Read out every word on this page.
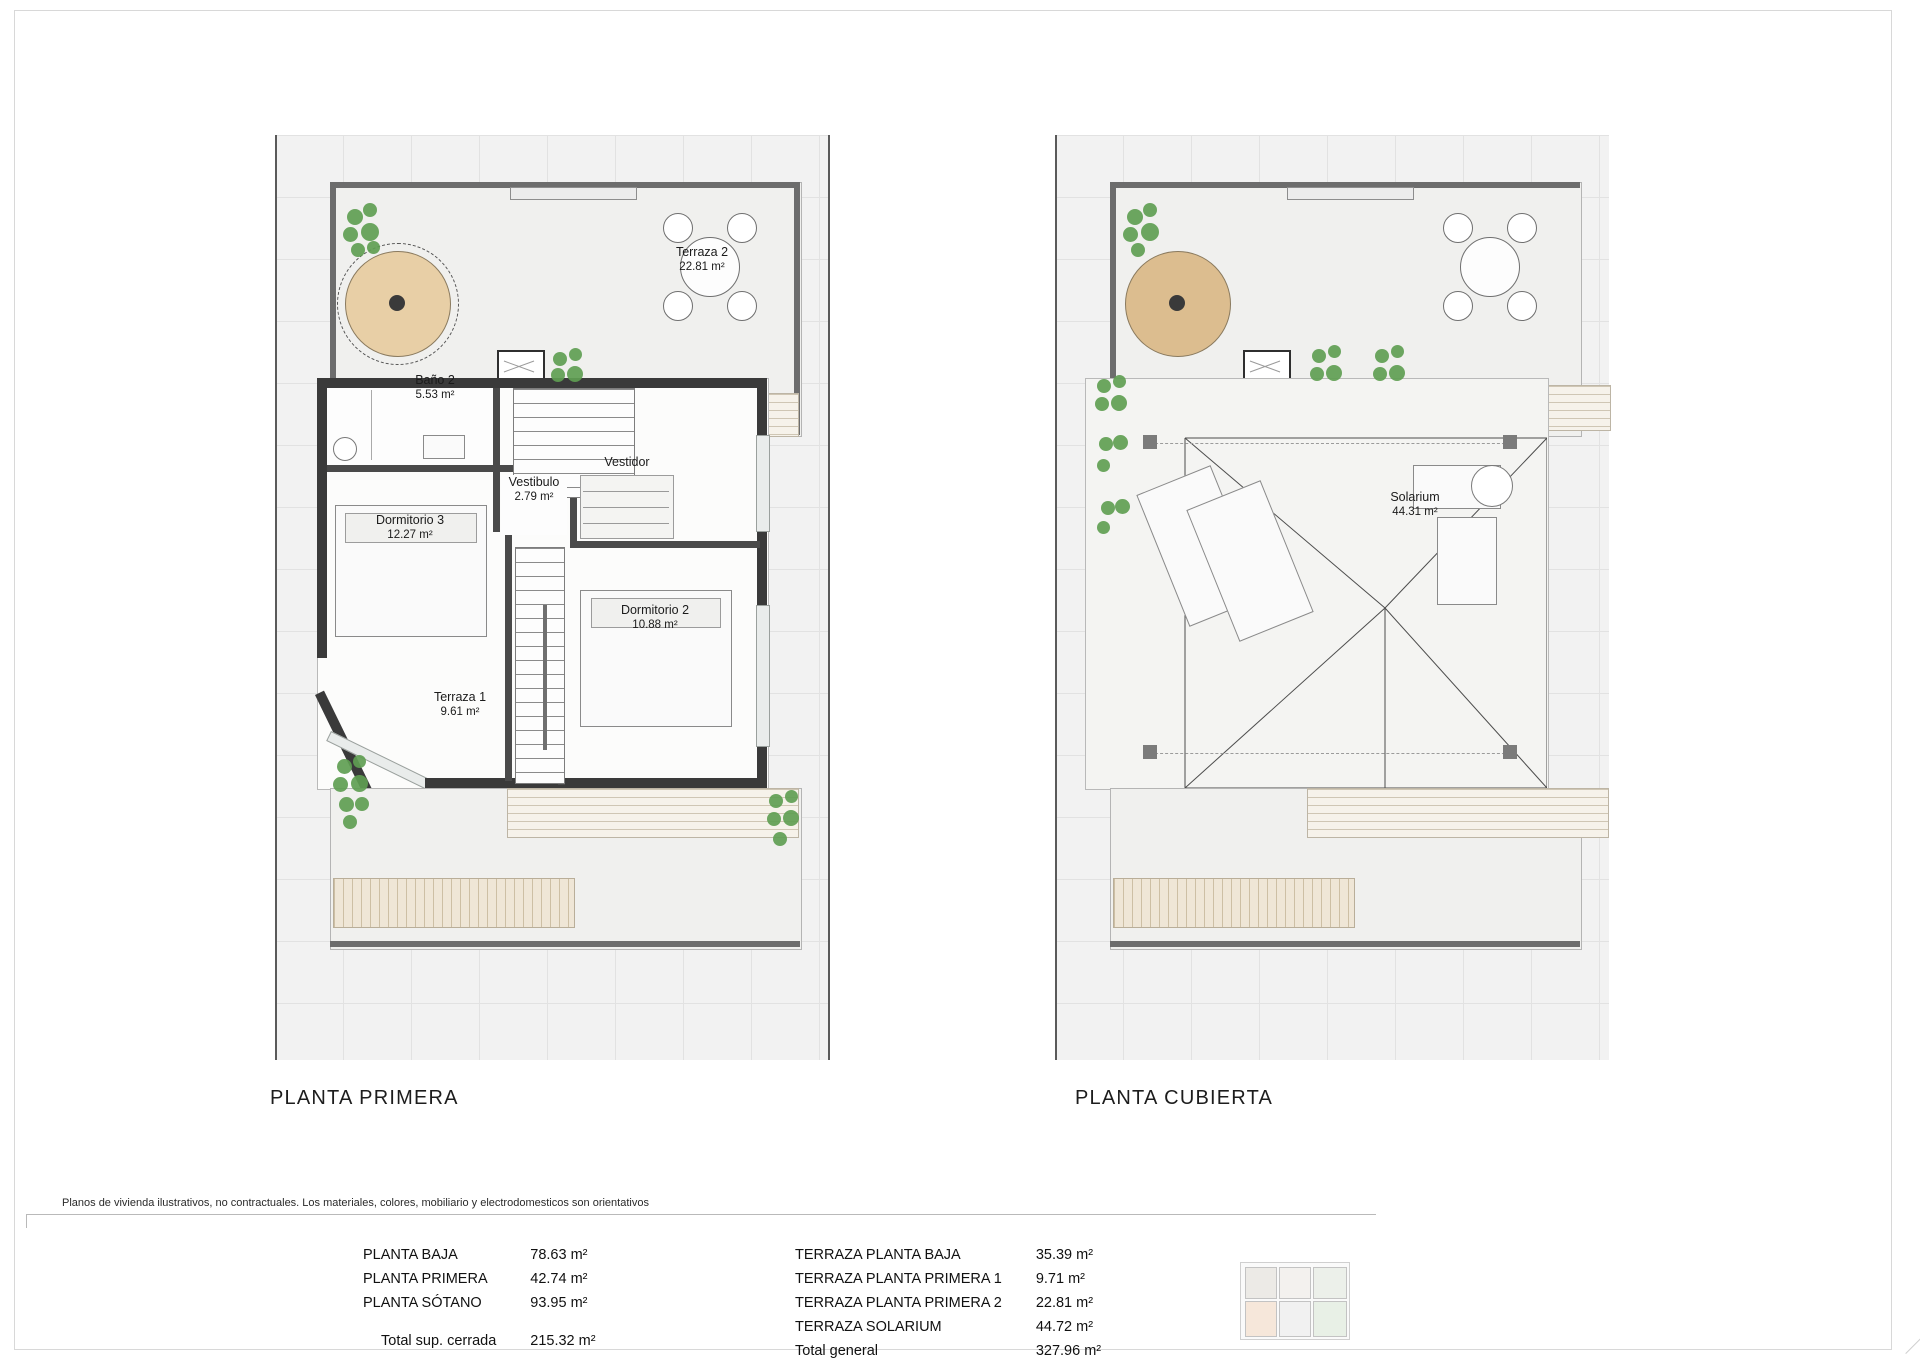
Terraza 2
22.81 m²
Baño 2
5.53 m²
Vestidor
Vestibulo
2.79 m²
Dormitorio 3
12.27 m²
Dormitorio 2
10.88 m²
Terraza 1
9.61 m²
PLANTA PRIMERA
Solarium
44.31 m²
PLANTA CUBIERTA
Planos de vivienda ilustrativos, no contractuales. Los materiales, colores, mobiliario y electrodomesticos son orientativos
PLANTA BAJA	78.63 m²
PLANTA PRIMERA	42.74 m²
PLANTA SÓTANO	93.95 m²
Total sup. cerrada	215.32 m²
TERRAZA PLANTA BAJA	35.39 m²
TERRAZA PLANTA PRIMERA 1	9.71 m²
TERRAZA PLANTA PRIMERA 2	22.81 m²
TERRAZA SOLARIUM	44.72 m²
Total general	327.96 m²
